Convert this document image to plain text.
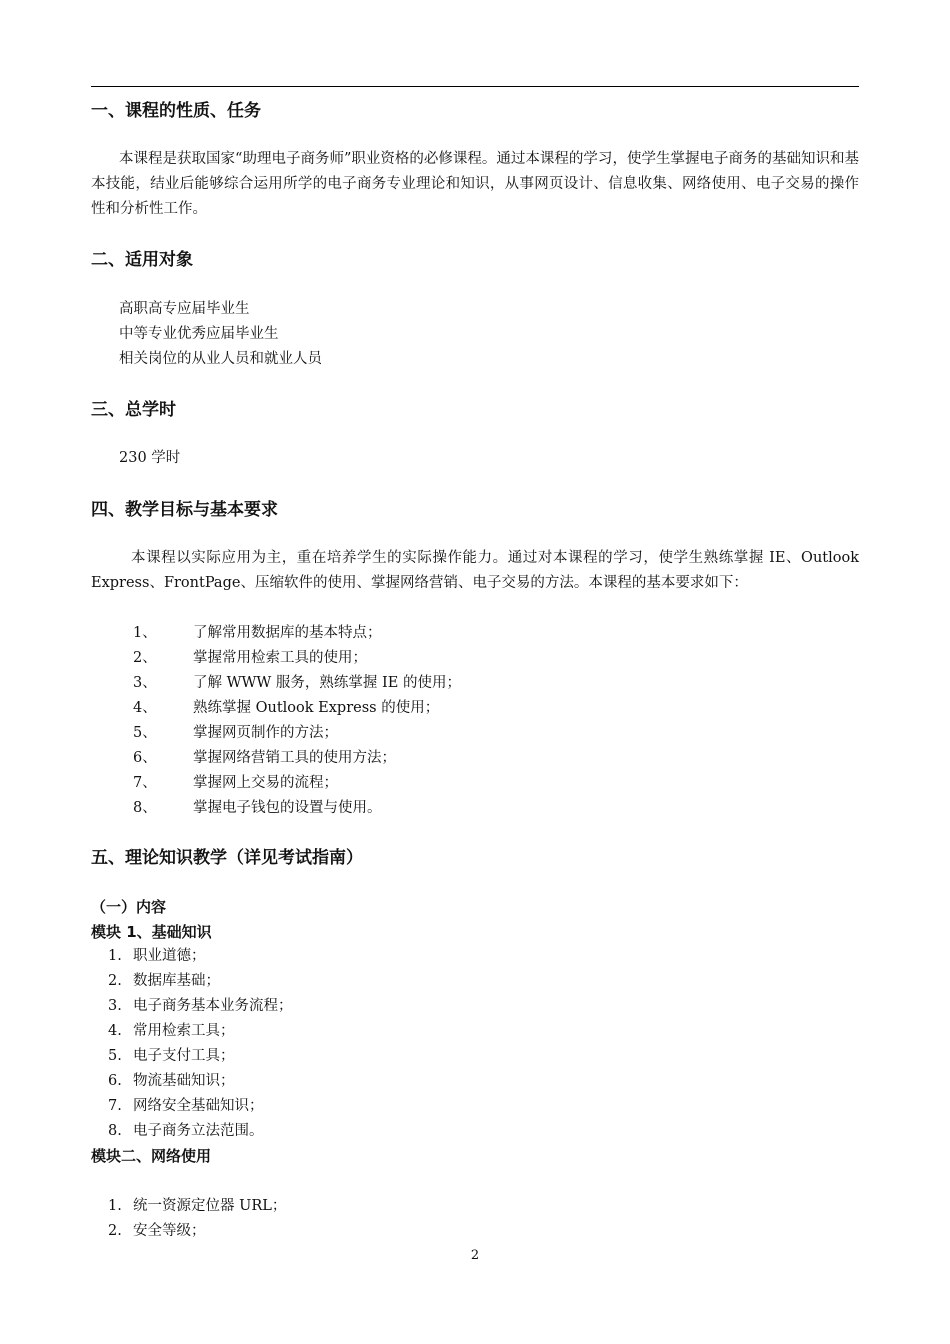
一、课程的性质、任务
本课程是获取国家“助理电子商务师”职业资格的必修课程。通过本课程的学习，使学生掌握电子商务的基础知识和基本技能，结业后能够综合运用所学的电子商务专业理论和知识，从事网页设计、信息收集、网络使用、电子交易的操作性和分析性工作。
二、适用对象
高职高专应届毕业生
中等专业优秀应届毕业生
相关岗位的从业人员和就业人员
三、总学时
230 学时
四、教学目标与基本要求
本课程以实际应用为主，重在培养学生的实际操作能力。通过对本课程的学习，使学生熟练掌握 IE、Outlook Express、FrontPage、压缩软件的使用、掌握网络营销、电子交易的方法。本课程的基本要求如下：
1、	了解常用数据库的基本特点；
2、	掌握常用检索工具的使用；
3、	了解 WWW 服务，熟练掌握 IE 的使用；
4、	熟练掌握 Outlook Express 的使用；
5、	掌握网页制作的方法；
6、	掌握网络营销工具的使用方法；
7、	掌握网上交易的流程；
8、	掌握电子钱包的设置与使用。
五、理论知识教学（详见考试指南）
（一）内容
模块 1、基础知识
1. 职业道德；
2. 数据库基础；
3. 电子商务基本业务流程；
4. 常用检索工具；
5. 电子支付工具；
6. 物流基础知识；
7. 网络安全基础知识；
8. 电子商务立法范围。
模块二、网络使用
1. 统一资源定位器 URL；
2. 安全等级；
2
